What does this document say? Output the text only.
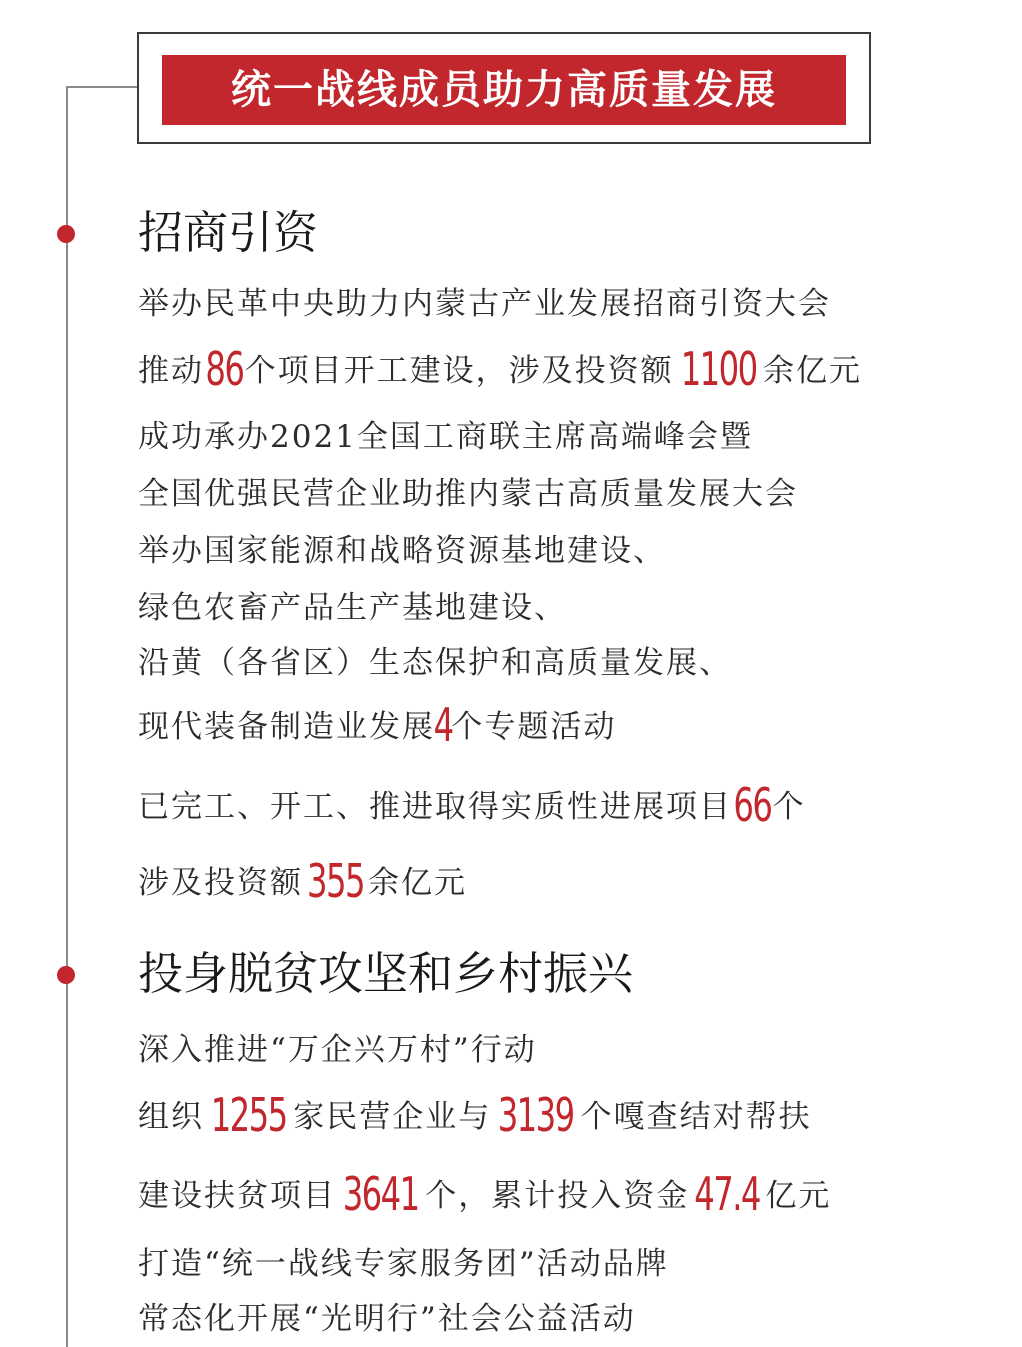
统一战线成员助力高质量发展
招商引资
举办民革中央助力内蒙古产业发展招商引资大会
推动86个项目开工建设，涉及投资额 1100 余亿元
成功承办2021全国工商联主席高端峰会暨
全国优强民营企业助推内蒙古高质量发展大会
举办国家能源和战略资源基地建设、
绿色农畜产品生产基地建设、
沿黄（各省区）生态保护和高质量发展、
现代装备制造业发展4个专题活动
已完工、开工、推进取得实质性进展项目66个
涉及投资额355 余亿元
投身脱贫攻坚和乡村振兴
深入推进“万企兴万村”行动
组织 1255 家民营企业与 3139 个嘎查结对帮扶
建设扶贫项目 3641 个，累计投入资金 47.4 亿元
打造“统一战线专家服务团”活动品牌
常态化开展“光明行”社会公益活动
